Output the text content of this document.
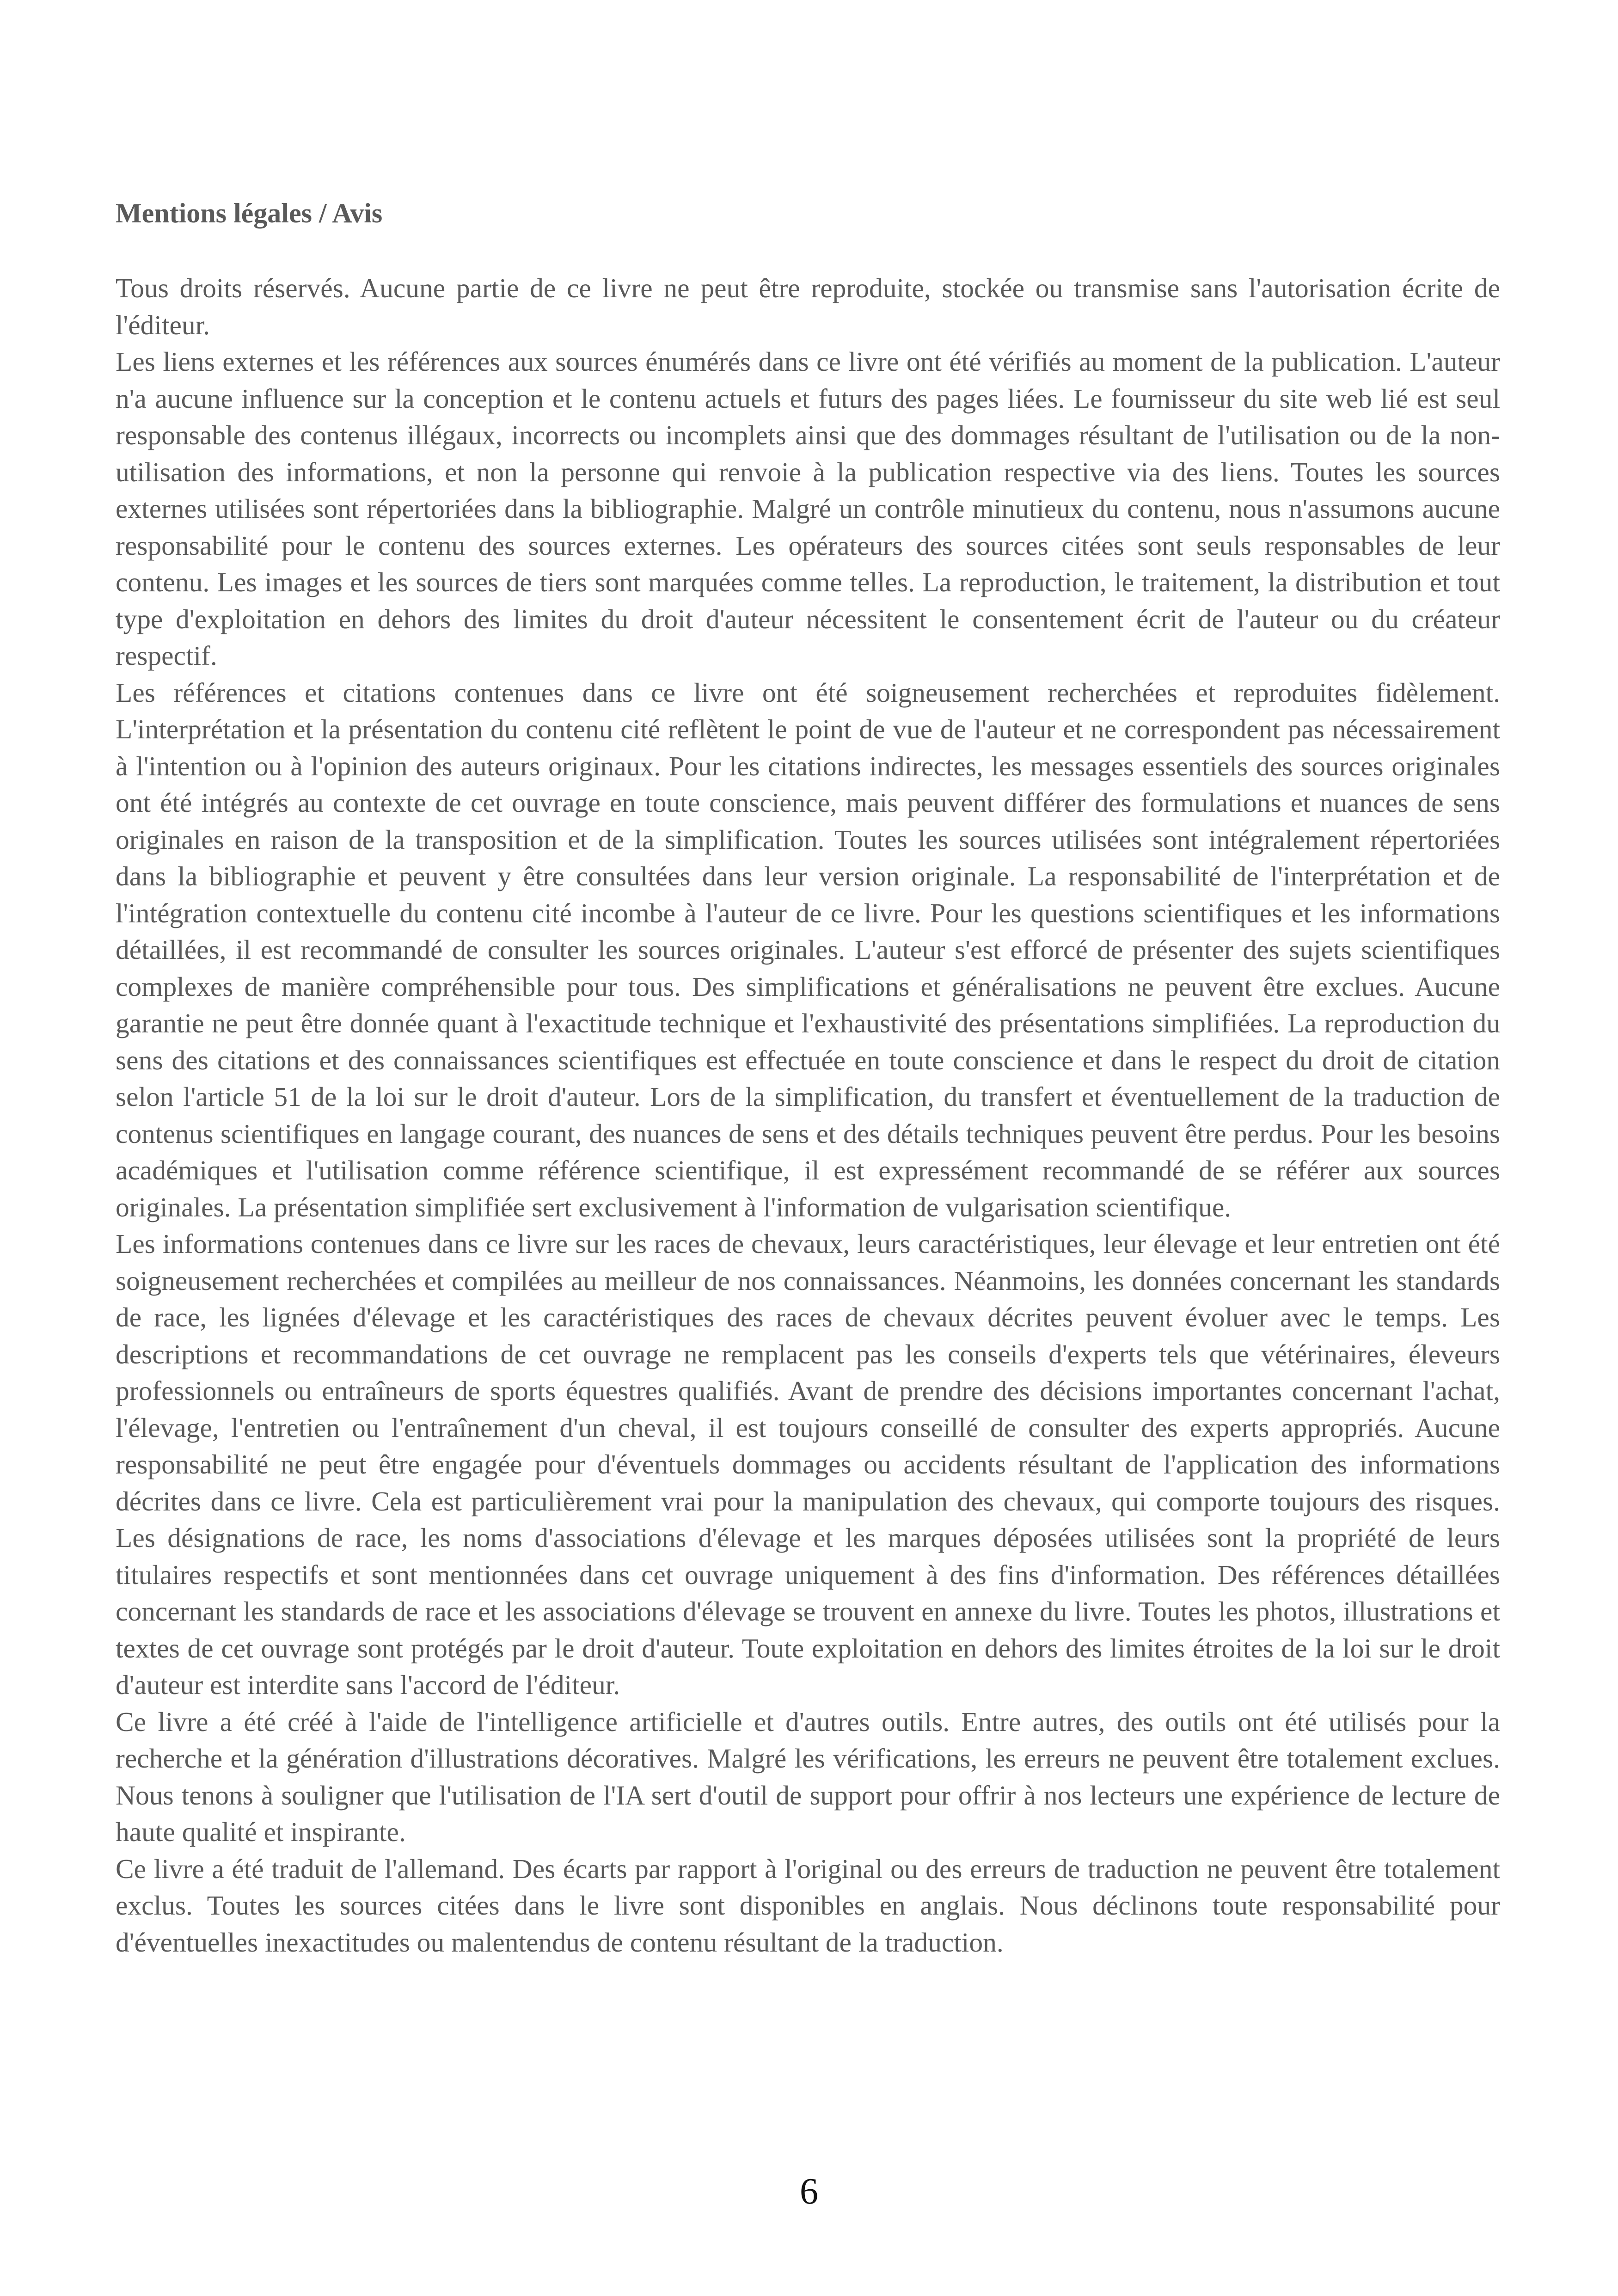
Mentions légales / Avis

Tous droits réservés. Aucune partie de ce livre ne peut être reproduite, stockée ou transmise sans l'autorisation écrite de l'éditeur.

Les liens externes et les références aux sources énumérés dans ce livre ont été vérifiés au moment de la publication. L'auteur n'a aucune influence sur la conception et le contenu actuels et futurs des pages liées. Le fournisseur du site web lié est seul responsable des contenus illégaux, incorrects ou incomplets ainsi que des dommages résultant de l'utilisation ou de la non-utilisation des informations, et non la personne qui renvoie à la publication respective via des liens. Toutes les sources externes utilisées sont répertoriées dans la bibliographie. Malgré un contrôle minutieux du contenu, nous n'assumons aucune responsabilité pour le contenu des sources externes. Les opérateurs des sources citées sont seuls responsables de leur contenu. Les images et les sources de tiers sont marquées comme telles. La reproduction, le traitement, la distribution et tout type d'exploitation en dehors des limites du droit d'auteur nécessitent le consentement écrit de l'auteur ou du créateur respectif.

Les références et citations contenues dans ce livre ont été soigneusement recherchées et reproduites fidèlement. L'interprétation et la présentation du contenu cité reflètent le point de vue de l'auteur et ne correspondent pas nécessairement à l'intention ou à l'opinion des auteurs originaux. Pour les citations indirectes, les messages essentiels des sources originales ont été intégrés au contexte de cet ouvrage en toute conscience, mais peuvent différer des formulations et nuances de sens originales en raison de la transposition et de la simplification. Toutes les sources utilisées sont intégralement répertoriées dans la bibliographie et peuvent y être consultées dans leur version originale. La responsabilité de l'interprétation et de l'intégration contextuelle du contenu cité incombe à l'auteur de ce livre. Pour les questions scientifiques et les informations détaillées, il est recommandé de consulter les sources originales. L'auteur s'est efforcé de présenter des sujets scientifiques complexes de manière compréhensible pour tous. Des simplifications et généralisations ne peuvent être exclues. Aucune garantie ne peut être donnée quant à l'exactitude technique et l'exhaustivité des présentations simplifiées. La reproduction du sens des citations et des connaissances scientifiques est effectuée en toute conscience et dans le respect du droit de citation selon l'article 51 de la loi sur le droit d'auteur. Lors de la simplification, du transfert et éventuellement de la traduction de contenus scientifiques en langage courant, des nuances de sens et des détails techniques peuvent être perdus. Pour les besoins académiques et l'utilisation comme référence scientifique, il est expressément recommandé de se référer aux sources originales. La présentation simplifiée sert exclusivement à l'information de vulgarisation scientifique.

Les informations contenues dans ce livre sur les races de chevaux, leurs caractéristiques, leur élevage et leur entretien ont été soigneusement recherchées et compilées au meilleur de nos connaissances. Néanmoins, les données concernant les standards de race, les lignées d'élevage et les caractéristiques des races de chevaux décrites peuvent évoluer avec le temps. Les descriptions et recommandations de cet ouvrage ne remplacent pas les conseils d'experts tels que vétérinaires, éleveurs professionnels ou entraîneurs de sports équestres qualifiés. Avant de prendre des décisions importantes concernant l'achat, l'élevage, l'entretien ou l'entraînement d'un cheval, il est toujours conseillé de consulter des experts appropriés. Aucune responsabilité ne peut être engagée pour d'éventuels dommages ou accidents résultant de l'application des informations décrites dans ce livre. Cela est particulièrement vrai pour la manipulation des chevaux, qui comporte toujours des risques. Les désignations de race, les noms d'associations d'élevage et les marques déposées utilisées sont la propriété de leurs titulaires respectifs et sont mentionnées dans cet ouvrage uniquement à des fins d'information. Des références détaillées concernant les standards de race et les associations d'élevage se trouvent en annexe du livre. Toutes les photos, illustrations et textes de cet ouvrage sont protégés par le droit d'auteur. Toute exploitation en dehors des limites étroites de la loi sur le droit d'auteur est interdite sans l'accord de l'éditeur.

Ce livre a été créé à l'aide de l'intelligence artificielle et d'autres outils. Entre autres, des outils ont été utilisés pour la recherche et la génération d'illustrations décoratives. Malgré les vérifications, les erreurs ne peuvent être totalement exclues. Nous tenons à souligner que l'utilisation de l'IA sert d'outil de support pour offrir à nos lecteurs une expérience de lecture de haute qualité et inspirante.

Ce livre a été traduit de l'allemand. Des écarts par rapport à l'original ou des erreurs de traduction ne peuvent être totalement exclus. Toutes les sources citées dans le livre sont disponibles en anglais. Nous déclinons toute responsabilité pour d'éventuelles inexactitudes ou malentendus de contenu résultant de la traduction.

6
